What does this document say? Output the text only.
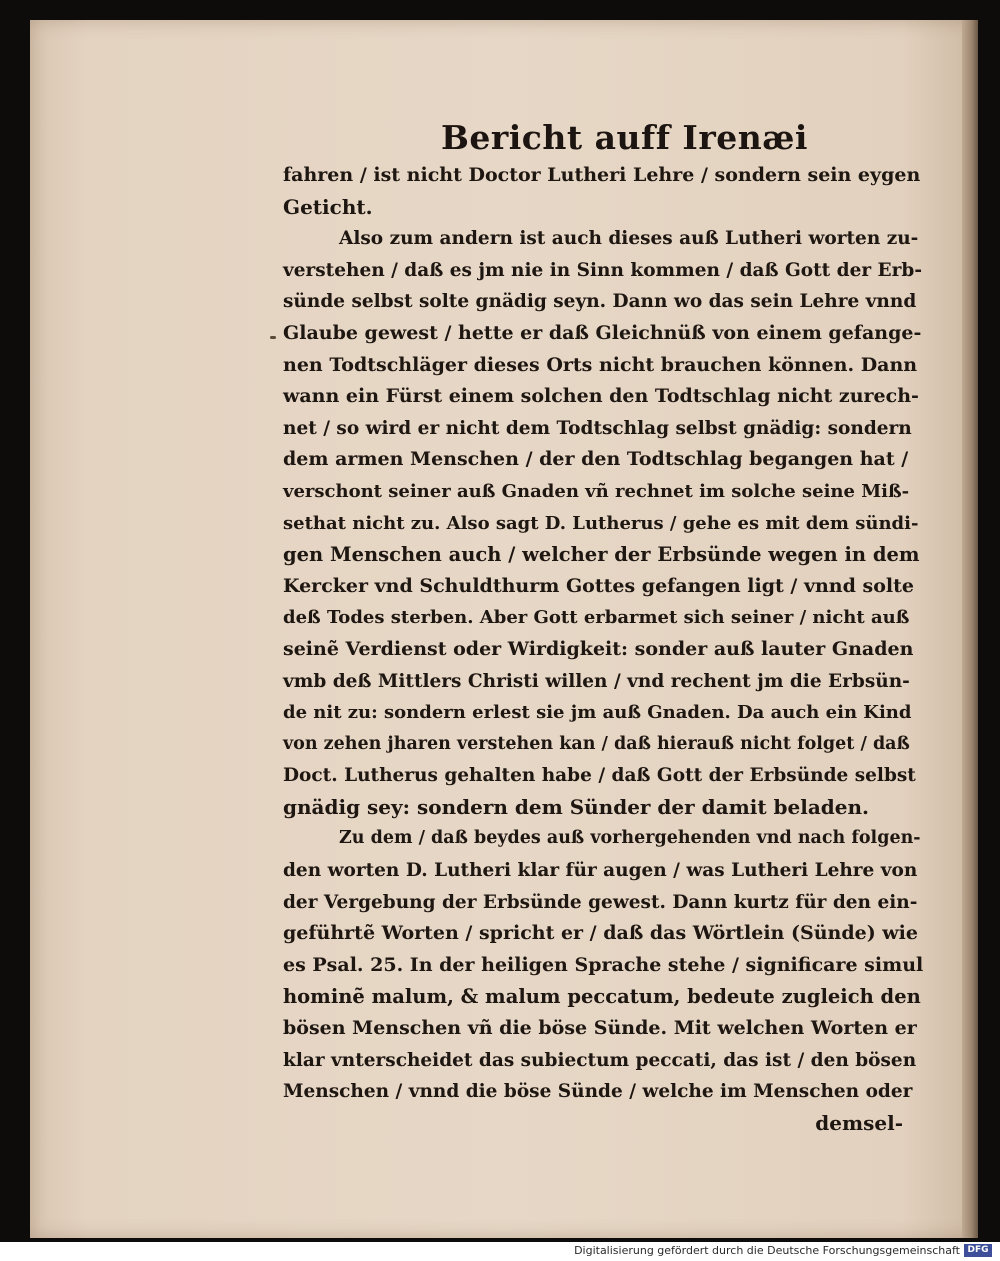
Bericht auff Irenæi
fahren / ist nicht Doctor Lutheri Lehre / sondern sein eygen
Geticht.
Also zum andern ist auch dieses auß Lutheri worten zu-
verstehen / daß es jm nie in Sinn kommen / daß Gott der Erb-
sünde selbst solte gnädig seyn. Dann wo das sein Lehre vnnd
Glaube gewest / hette er daß Gleichnüß von einem gefange-
nen Todtschläger dieses Orts nicht brauchen können. Dann
wann ein Fürst einem solchen den Todtschlag nicht zurech-
net / so wird er nicht dem Todtschlag selbst gnädig: sondern
dem armen Menschen / der den Todtschlag begangen hat /
verschont seiner auß Gnaden vñ rechnet im solche seine Miß-
sethat nicht zu. Also sagt D. Lutherus / gehe es mit dem sündi-
gen Menschen auch / welcher der Erbsünde wegen in dem
Kercker vnd Schuldthurm Gottes gefangen ligt / vnnd solte
deß Todes sterben. Aber Gott erbarmet sich seiner / nicht auß
seinẽ Verdienst oder Wirdigkeit: sonder auß lauter Gnaden
vmb deß Mittlers Christi willen / vnd rechent jm die Erbsün-
de nit zu: sondern erlest sie jm auß Gnaden. Da auch ein Kind
von zehen jharen verstehen kan / daß hierauß nicht folget / daß
Doct. Lutherus gehalten habe / daß Gott der Erbsünde selbst
gnädig sey: sondern dem Sünder der damit beladen.
Zu dem / daß beydes auß vorhergehenden vnd nach folgen-
den worten D. Lutheri klar für augen / was Lutheri Lehre von
der Vergebung der Erbsünde gewest. Dann kurtz für den ein-
geführtẽ Worten / spricht er / daß das Wörtlein (Sünde) wie
es Psal. 25. In der heiligen Sprache stehe / significare simul
hominẽ malum, & malum peccatum, bedeute zugleich den
bösen Menschen vñ die böse Sünde. Mit welchen Worten er
klar vnterscheidet das subiectum peccati, das ist / den bösen
Menschen / vnnd die böse Sünde / welche im Menschen oder
demsel-
Digitalisierung gefördert durch die Deutsche Forschungsgemeinschaft DFG
